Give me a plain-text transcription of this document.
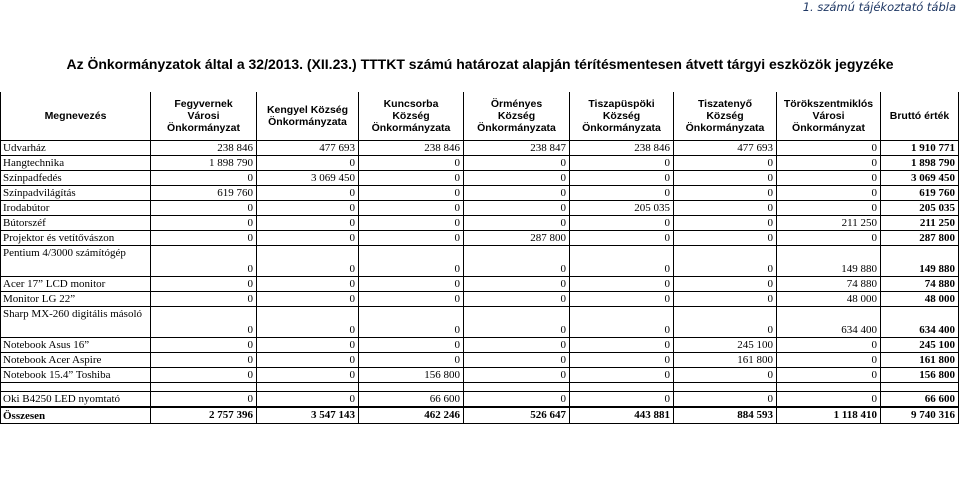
1. számú tájékoztató tábla
Az Önkormányzatok által a 32/2013. (XII.23.) TTTKT számú határozat alapján térítésmentesen átvett tárgyi eszközök jegyzéke
Megnevezés	Fegyvernek
Városi
Önkormányzat	Kengyel Község
Önkormányzata	Kuncsorba
Község
Önkormányzata	Örményes
Község
Önkormányzata	Tiszapüspöki
Község
Önkormányzata	Tiszatenyő
Község
Önkormányzata	Törökszentmiklós
Városi
Önkormányzat	Bruttó érték

Udvarház	238 846	477 693	238 846	238 847	238 846	477 693	0	1 910 771
Hangtechnika	1 898 790	0	0	0	0	0	0	1 898 790
Színpadfedés	0	3 069 450	0	0	0	0	0	3 069 450
Színpadvilágítás	619 760	0	0	0	0	0	0	619 760
Irodabútor	0	0	0	0	205 035	0	0	205 035
Bútorszéf	0	0	0	0	0	0	211 250	211 250
Projektor és vetítővászon	0	0	0	287 800	0	0	0	287 800
Pentium 4/3000 számítógép	0	0	0	0	0	0	149 880	149 880
Acer 17” LCD monitor	0	0	0	0	0	0	74 880	74 880
Monitor LG 22”	0	0	0	0	0	0	48 000	48 000
Sharp MX-260 digitális másoló	0	0	0	0	0	0	634 400	634 400
Notebook Asus 16”	0	0	0	0	0	245 100	0	245 100
Notebook Acer Aspire	0	0	0	0	0	161 800	0	161 800
Notebook 15.4” Toshiba	0	0	156 800	0	0	0	0	156 800

Oki B4250 LED nyomtató	0	0	66 600	0	0	0	0	66 600
Összesen	2 757 396	3 547 143	462 246	526 647	443 881	884 593	1 118 410	9 740 316
